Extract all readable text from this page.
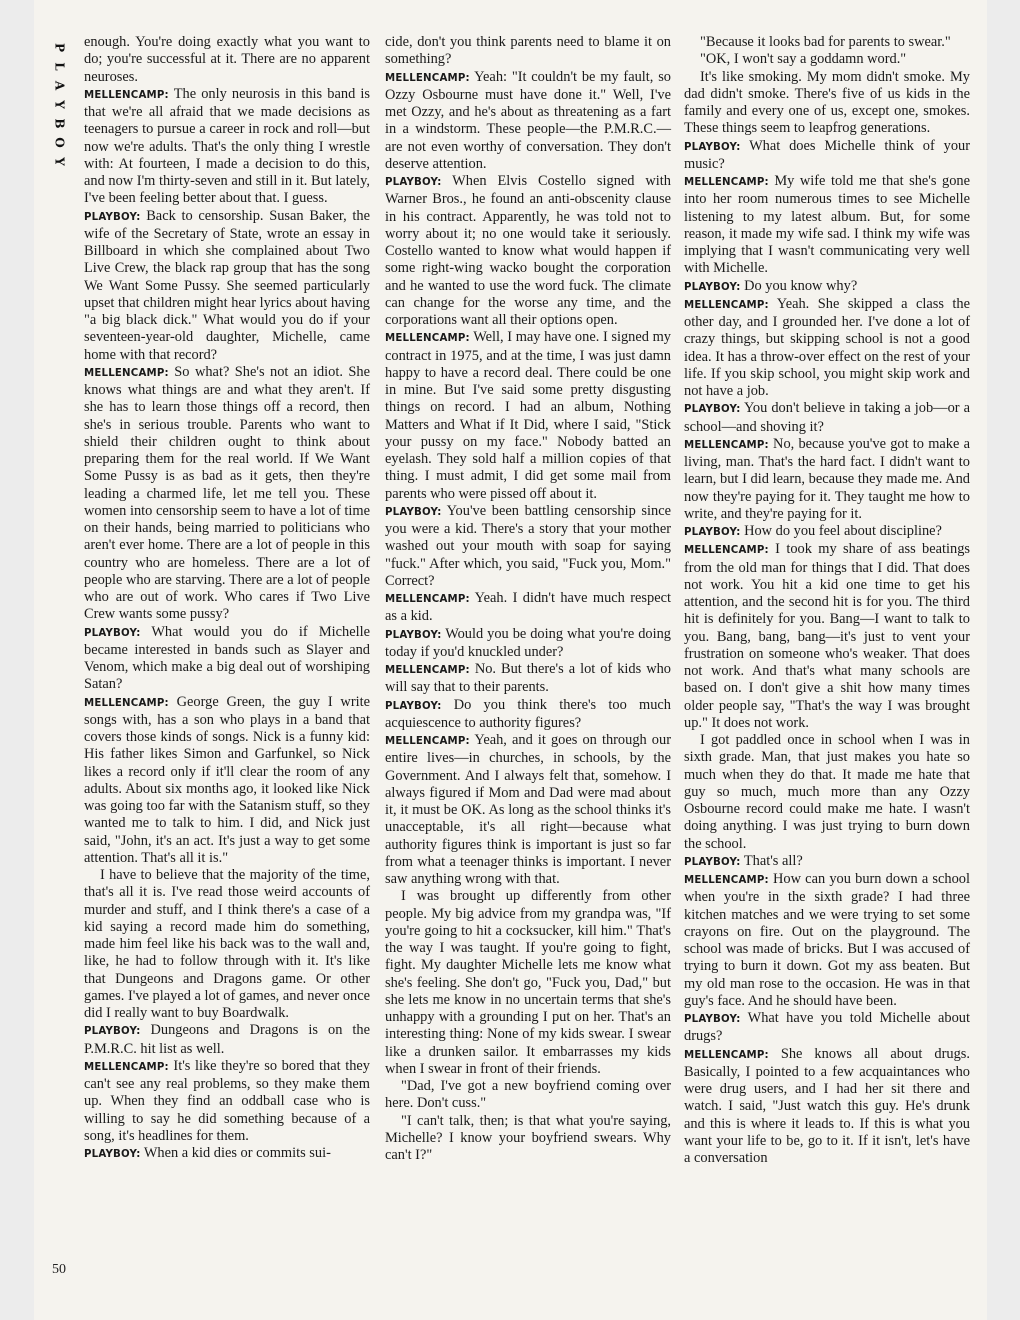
P
L
A
Y
B
O
Y

enough. You're doing exactly what you want to do; you're successful at it. There are no apparent neuroses.

MELLENCAMP: The only neurosis in this band is that we're all afraid that we made decisions as teenagers to pursue a career in rock and roll—but now we're adults. That's the only thing I wrestle with: At fourteen, I made a decision to do this, and now I'm thirty-seven and still in it. But lately, I've been feeling better about that. I guess.

PLAYBOY: Back to censorship. Susan Baker, the wife of the Secretary of State, wrote an essay in Billboard in which she complained about Two Live Crew, the black rap group that has the song We Want Some Pussy. She seemed particularly upset that children might hear lyrics about having "a big black dick." What would you do if your seventeen-year-old daughter, Michelle, came home with that record?

MELLENCAMP: So what? She's not an idiot. She knows what things are and what they aren't. If she has to learn those things off a record, then she's in serious trouble. Parents who want to shield their children ought to think about preparing them for the real world. If We Want Some Pussy is as bad as it gets, then they're leading a charmed life, let me tell you. These women into censorship seem to have a lot of time on their hands, being married to politicians who aren't ever home. There are a lot of people in this country who are homeless. There are a lot of people who are starving. There are a lot of people who are out of work. Who cares if Two Live Crew wants some pussy?

PLAYBOY: What would you do if Michelle became interested in bands such as Slayer and Venom, which make a big deal out of worshiping Satan?

MELLENCAMP: George Green, the guy I write songs with, has a son who plays in a band that covers those kinds of songs. Nick is a funny kid: His father likes Simon and Garfunkel, so Nick likes a record only if it'll clear the room of any adults. About six months ago, it looked like Nick was going too far with the Satanism stuff, so they wanted me to talk to him. I did, and Nick just said, "John, it's an act. It's just a way to get some attention. That's all it is."

I have to believe that the majority of the time, that's all it is. I've read those weird accounts of murder and stuff, and I think there's a case of a kid saying a record made him do something, made him feel like his back was to the wall and, like, he had to follow through with it. It's like that Dungeons and Dragons game. Or other games. I've played a lot of games, and never once did I really want to buy Boardwalk.

PLAYBOY: Dungeons and Dragons is on the P.M.R.C. hit list as well.

MELLENCAMP: It's like they're so bored that they can't see any real problems, so they make them up. When they find an oddball case who is willing to say he did something because of a song, it's headlines for them.

PLAYBOY: When a kid dies or commits sui-

cide, don't you think parents need to blame it on something?

MELLENCAMP: Yeah: "It couldn't be my fault, so Ozzy Osbourne must have done it." Well, I've met Ozzy, and he's about as threatening as a fart in a windstorm. These people—the P.M.R.C.—are not even worthy of conversation. They don't deserve attention.

PLAYBOY: When Elvis Costello signed with Warner Bros., he found an anti-obscenity clause in his contract. Apparently, he was told not to worry about it; no one would take it seriously. Costello wanted to know what would happen if some right-wing wacko bought the corporation and he wanted to use the word fuck. The climate can change for the worse any time, and the corporations want all their options open.

MELLENCAMP: Well, I may have one. I signed my contract in 1975, and at the time, I was just damn happy to have a record deal. There could be one in mine. But I've said some pretty disgusting things on record. I had an album, Nothing Matters and What if It Did, where I said, "Stick your pussy on my face." Nobody batted an eyelash. They sold half a million copies of that thing. I must admit, I did get some mail from parents who were pissed off about it.

PLAYBOY: You've been battling censorship since you were a kid. There's a story that your mother washed out your mouth with soap for saying "fuck." After which, you said, "Fuck you, Mom." Correct?

MELLENCAMP: Yeah. I didn't have much respect as a kid.

PLAYBOY: Would you be doing what you're doing today if you'd knuckled under?

MELLENCAMP: No. But there's a lot of kids who will say that to their parents.

PLAYBOY: Do you think there's too much acquiescence to authority figures?

MELLENCAMP: Yeah, and it goes on through our entire lives—in churches, in schools, by the Government. And I always felt that, somehow. I always figured if Mom and Dad were mad about it, it must be OK. As long as the school thinks it's unacceptable, it's all right—because what authority figures think is important is just so far from what a teenager thinks is important. I never saw anything wrong with that.

I was brought up differently from other people. My big advice from my grandpa was, "If you're going to hit a cocksucker, kill him." That's the way I was taught. If you're going to fight, fight. My daughter Michelle lets me know what she's feeling. She don't go, "Fuck you, Dad," but she lets me know in no uncertain terms that she's unhappy with a grounding I put on her. That's an interesting thing: None of my kids swear. I swear like a drunken sailor. It embarrasses my kids when I swear in front of their friends.

"Dad, I've got a new boyfriend coming over here. Don't cuss."

"I can't talk, then; is that what you're saying, Michelle? I know your boyfriend swears. Why can't I?"

"Because it looks bad for parents to swear."

"OK, I won't say a goddamn word."

It's like smoking. My mom didn't smoke. My dad didn't smoke. There's five of us kids in the family and every one of us, except one, smokes. These things seem to leapfrog generations.

PLAYBOY: What does Michelle think of your music?

MELLENCAMP: My wife told me that she's gone into her room numerous times to see Michelle listening to my latest album. But, for some reason, it made my wife sad. I think my wife was implying that I wasn't communicating very well with Michelle.

PLAYBOY: Do you know why?

MELLENCAMP: Yeah. She skipped a class the other day, and I grounded her. I've done a lot of crazy things, but skipping school is not a good idea. It has a throw-over effect on the rest of your life. If you skip school, you might skip work and not have a job.

PLAYBOY: You don't believe in taking a job—or a school—and shoving it?

MELLENCAMP: No, because you've got to make a living, man. That's the hard fact. I didn't want to learn, but I did learn, because they made me. And now they're paying for it. They taught me how to write, and they're paying for it.

PLAYBOY: How do you feel about discipline?

MELLENCAMP: I took my share of ass beatings from the old man for things that I did. That does not work. You hit a kid one time to get his attention, and the second hit is for you. The third hit is definitely for you. Bang—I want to talk to you. Bang, bang, bang—it's just to vent your frustration on someone who's weaker. That does not work. And that's what many schools are based on. I don't give a shit how many times older people say, "That's the way I was brought up." It does not work.

I got paddled once in school when I was in sixth grade. Man, that just makes you hate so much when they do that. It made me hate that guy so much, much more than any Ozzy Osbourne record could make me hate. I wasn't doing anything. I was just trying to burn down the school.

PLAYBOY: That's all?

MELLENCAMP: How can you burn down a school when you're in the sixth grade? I had three kitchen matches and we were trying to set some crayons on fire. Out on the playground. The school was made of bricks. But I was accused of trying to burn it down. Got my ass beaten. But my old man rose to the occasion. He was in that guy's face. And he should have been.

PLAYBOY: What have you told Michelle about drugs?

MELLENCAMP: She knows all about drugs. Basically, I pointed to a few acquaintances who were drug users, and I had her sit there and watch. I said, "Just watch this guy. He's drunk and this is where it leads to. If this is what you want your life to be, go to it. If it isn't, let's have a conversation

50
